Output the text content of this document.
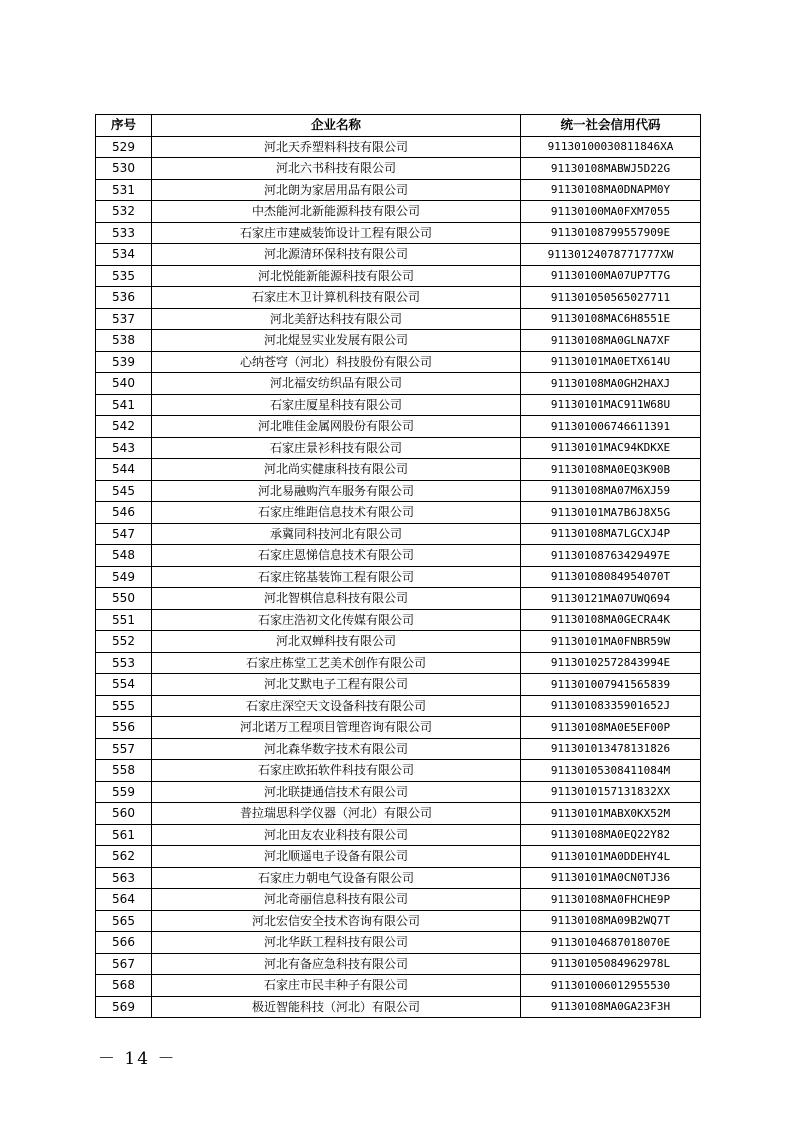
序号	企业名称	统一社会信用代码
529	河北天乔塑料科技有限公司	91130100030811846XA
530	河北六书科技有限公司	91130108MABWJ5D22G
531	河北朗为家居用品有限公司	91130108MA0DNAPM0Y
532	中杰能河北新能源科技有限公司	91130100MA0FXM7055
533	石家庄市建威装饰设计工程有限公司	91130108799557909E
534	河北源清环保科技有限公司	91130124078771777XW
535	河北悦能新能源科技有限公司	91130100MA07UP7T7G
536	石家庄木卫计算机科技有限公司	91130105056502771​1
537	河北美舒达科技有限公司	91130108MAC6H8551E
538	河北焜昱实业发展有限公司	91130108MA0GLNA7XF
539	心纳苍穹（河北）科技股份有限公司	91130101MA0ETX614U
540	河北福安纺织品有限公司	91130108MA0GH2HAXJ
541	石家庄厦星科技有限公司	91130101MAC911W68U
542	河北唯佳金属网股份有限公司	91130100674661139​1
543	石家庄景衫科技有限公司	91130101MAC94KDKXE
544	河北尚实健康科技有限公司	91130108MA0EQ3K90B
545	河北易融购汽车服务有限公司	91130108MA07M6XJ59
546	石家庄维距信息技术有限公司	91130101MA7B6J8X5G
547	承冀同科技河北有限公司	91130108MA7LGCXJ4P
548	石家庄恩悌信息技术有限公司	91130108763429497E
549	石家庄铭基装饰工程有限公司	91130108084954070T
550	河北智棋信息科技有限公司	91130121MA07UWQ694
551	石家庄浩初文化传媒有限公司	91130108MA0GECRA4K
552	河北双蝉科技有限公司	91130101MA0FNBR59W
553	石家庄栋堂工艺美术创作有限公司	91130102572843994E
554	河北艾默电子工程有限公司	91130100794156583​9
555	石家庄深空天文设备科技有限公司	91130108335901652J
556	河北诺万工程项目管理咨询有限公司	91130108MA0E5EF00P
557	河北森华数字技术有限公司	91130101347813182​6
558	石家庄欧拓软件科技有限公司	91130105308411084M
559	河北联捷通信技术有限公司	91130101571318​32XX
560	普拉瑞思科学仪器（河北）有限公司	91130101MABX0KX52M
561	河北田友农业科技有限公司	91130108MA0EQ22Y82
562	河北顺遥电子设备有限公司	91130101MA0DDEHY4L
563	石家庄力朝电气设备有限公司	91130101MA0CN0TJ36
564	河北奇丽信息科技有限公司	91130108MA0FHCHE9P
565	河北宏信安全技术咨询有限公司	91130108MA09B2WQ7T
566	河北华跃工程科技有限公司	91130104687018070E
567	河北有备应急科技有限公司	91130105084962978L
568	石家庄市民丰种子有限公司	91130100601295553​0
569	极近智能科技（河北）有限公司	91130108MA0GA23F3H
－ 14 －
